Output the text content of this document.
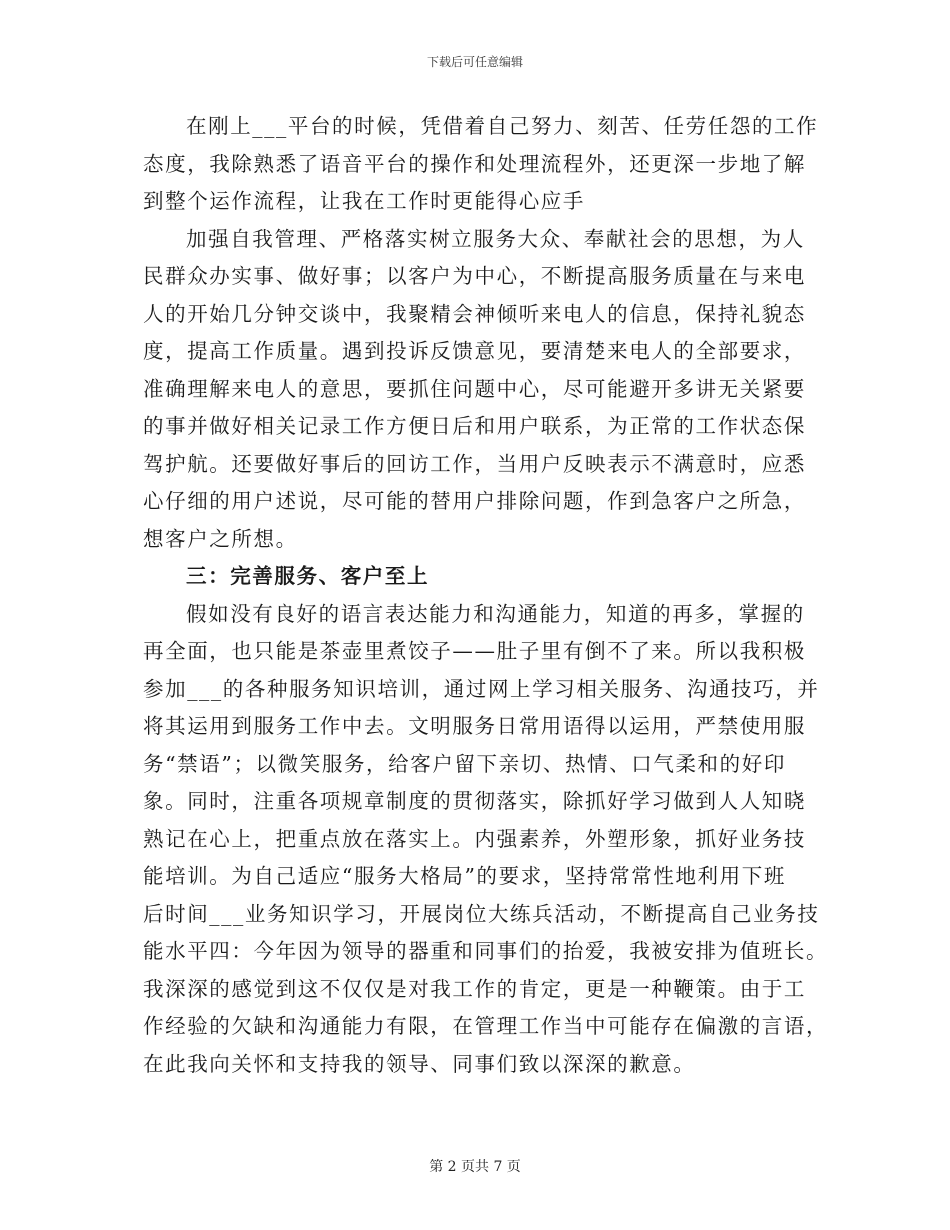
下载后可任意编辑
在刚上___平台的时候，凭借着自己努力、刻苦、任劳任怨的工作
态度，我除熟悉了语音平台的操作和处理流程外，还更深一步地了解
到整个运作流程，让我在工作时更能得心应手
加强自我管理、严格落实树立服务大众、奉献社会的思想，为人
民群众办实事、做好事；以客户为中心，不断提高服务质量在与来电
人的开始几分钟交谈中，我聚精会神倾听来电人的信息，保持礼貌态
度，提高工作质量。遇到投诉反馈意见，要清楚来电人的全部要求，
准确理解来电人的意思，要抓住问题中心，尽可能避开多讲无关紧要
的事并做好相关记录工作方便日后和用户联系，为正常的工作状态保
驾护航。还要做好事后的回访工作，当用户反映表示不满意时，应悉
心仔细的用户述说，尽可能的替用户排除问题，作到急客户之所急，
想客户之所想。
三：完善服务、客户至上
假如没有良好的语言表达能力和沟通能力，知道的再多，掌握的
再全面，也只能是茶壶里煮饺子——肚子里有倒不了来。所以我积极
参加___的各种服务知识培训，通过网上学习相关服务、沟通技巧，并
将其运用到服务工作中去。文明服务日常用语得以运用，严禁使用服
务“禁语”；以微笑服务，给客户留下亲切、热情、口气柔和的好印
象。同时，注重各项规章制度的贯彻落实，除抓好学习做到人人知晓
熟记在心上，把重点放在落实上。内强素养，外塑形象，抓好业务技
能培训。为自己适应“服务大格局”的要求，坚持常常性地利用下班
后时间___业务知识学习，开展岗位大练兵活动，不断提高自己业务技
能水平四：今年因为领导的器重和同事们的抬爱，我被安排为值班长。
我深深的感觉到这不仅仅是对我工作的肯定，更是一种鞭策。由于工
作经验的欠缺和沟通能力有限，在管理工作当中可能存在偏激的言语，
在此我向关怀和支持我的领导、同事们致以深深的歉意。
第 2 页共 7 页
